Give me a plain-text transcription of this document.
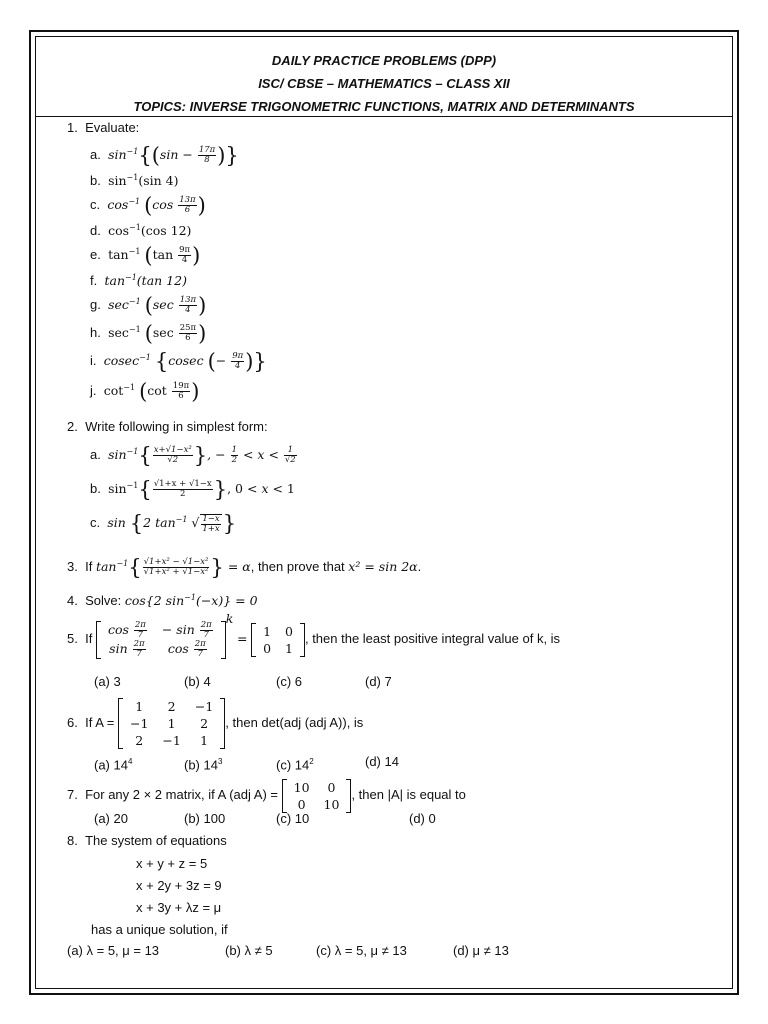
DAILY PRACTICE PROBLEMS (DPP)
ISC/ CBSE – MATHEMATICS – CLASS XII
TOPICS: INVERSE TRIGONOMETRIC FUNCTIONS, MATRIX AND DETERMINANTS
1. Evaluate:
a. $\sin^{-1}\{(\sin - \frac{17\pi}{8}$ )}
b. $\sin^{-1}(\sin$ 4)
c. $\cos^{-1} (\cos \frac{13\pi}{6}$ )
d. $\cos^{-1}(\cos$ 12)
e. $\tan^{-1} (\tan \frac{9\pi}{4}$ )
f. $\tan^{-1}(\tan$ 12)
g. $\sec^{-1} (\sec \frac{13\pi}{4}$ )
h. $\sec^{-1} (\sec \frac{25\pi}{6}$ )
i. cosec$^{-1}$ {cosec (− $\frac{9\pi}{4}$ )}
j. $\cot^{-1} (\cot \frac{19\pi}{6}$ )
2. Write following in simplest form:
a. $\sin^{-1}\{ \frac{\text{x+√1−x²}}{√2}$ }, − $\frac{1}{2} < x < \frac{1}{√2}$
b. $\sin^{-1}\{ \frac{√1+x + √1-x}{2}$ }, 0 < x < 1
c. sin {2 $\tan^{-1}$ √ $\frac{1-x}{1+x}$ }
3. If $\tan^{-1}\{ \frac{\text{√1+x² − √1−x²}}{\text{√1+x² + √1−x²}}$ } = α, then prove that x² = sin 2α.
4. Solve: cos{2 $\sin^{-1}(-x)\} = 0$
5. If
$\cos \frac{2\pi}{7}$	− $\sin \frac{2\pi}{7}$

$\sin \frac{2\pi}{7}$	$\cos \frac{2\pi}{7}$
k = 1	0
0	1
, then the least positive integral value of k, is
(a) 3	(b) 4	(c) 6	(d) 7
6. If A =
1	2	−1
−1	1	2
2	−1	1
, then det(adj (adj A)), is
(a) $14^4$	(b) $14^3$	(c) $14^2$	(d) 14
7. For any 2 × 2 matrix, if A (adj A) = 10	0
0	10
, then |A| is equal to
(a) 20	(b) 100	(c) 10	(d) 0
8. The system of equations
x + y + z = 5
x + 2y + 3z = 9
x + 3y + λz = μ
has a unique solution, if
(a) λ = 5, μ = 13	(b) λ ≠ 5	(c) λ = 5, μ ≠ 13	(d) μ ≠ 13
